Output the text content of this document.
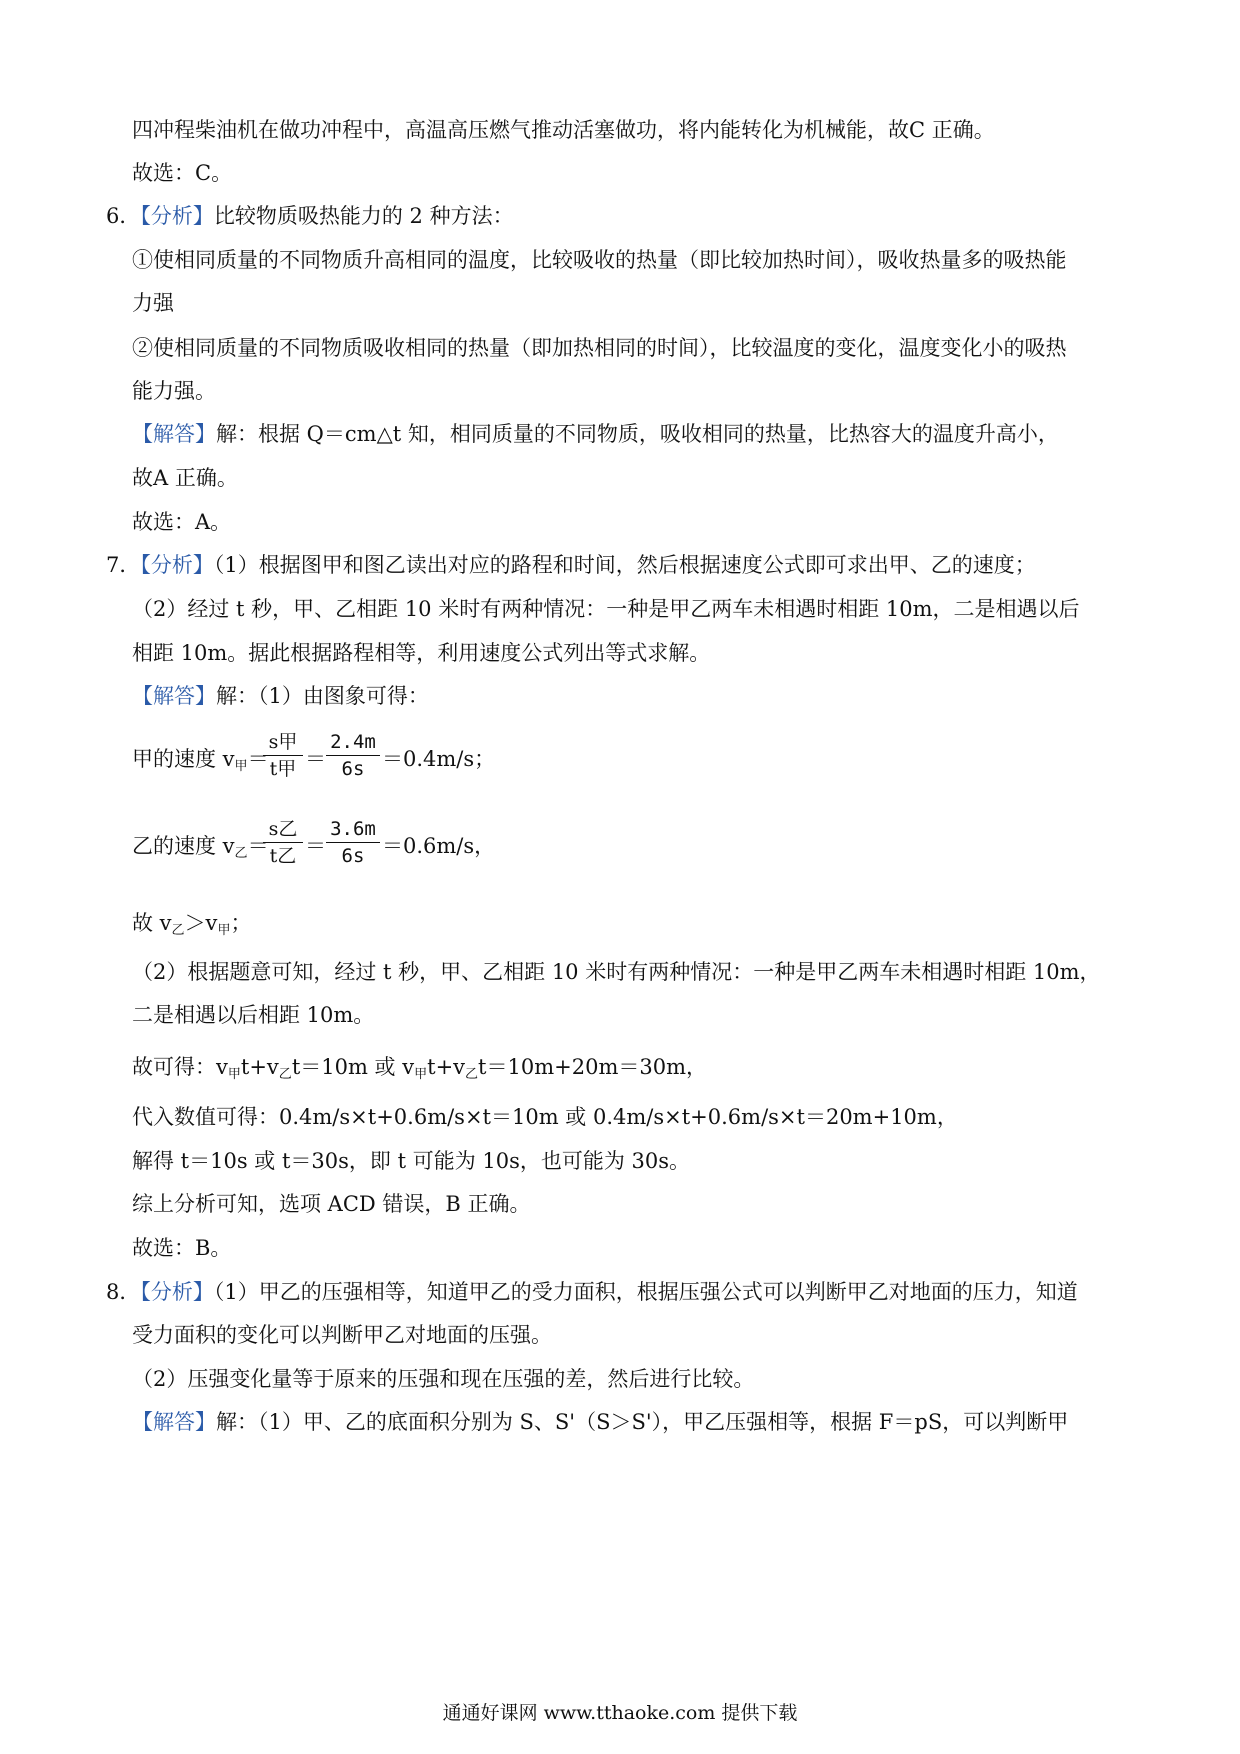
四冲程柴油机在做功冲程中，高温高压燃气推动活塞做功，将内能转化为机械能，故C 正确。
故选：C。
6．【分析】比较物质吸热能力的 2 种方法：
①使相同质量的不同物质升高相同的温度，比较吸收的热量（即比较加热时间），吸收热量多的吸热能
力强
②使相同质量的不同物质吸收相同的热量（即加热相同的时间），比较温度的变化，温度变化小的吸热
能力强。
【解答】解：根据 Q＝cm△t 知，相同质量的不同物质，吸收相同的热量，比热容大的温度升高小，
故A 正确。
故选：A。
7．【分析】（1）根据图甲和图乙读出对应的路程和时间，然后根据速度公式即可求出甲、乙的速度；
（2）经过 t 秒，甲、乙相距 10 米时有两种情况：一种是甲乙两车未相遇时相距 10m，二是相遇以后
相距 10m。据此根据路程相等，利用速度公式列出等式求解。
【解答】解：（1）由图象可得：
甲的速度 $v_甲=$
s甲
t甲 ＝
2.4m
6s ＝0.4m/s；
乙的速度 $v_乙=$
s乙
t乙 ＝
3.6m
6s ＝0.6m/s，
故 $v_乙>v_甲$；
（2）根据题意可知，经过 t 秒，甲、乙相距 10 米时有两种情况：一种是甲乙两车未相遇时相距 10m，
二是相遇以后相距 10m。
故可得：$v_甲t+v_乙t=10m$ 或 $v_甲t+v_乙t=10m+20m=30m$，
代入数值可得：0.4m/s×t+0.6m/s×t＝10m 或 0.4m/s×t+0.6m/s×t＝20m+10m，
解得 t＝10s 或 t＝30s，即 t 可能为 10s，也可能为 30s。
综上分析可知，选项 ACD 错误，B 正确。
故选：B。
8．【分析】（1）甲乙的压强相等，知道甲乙的受力面积，根据压强公式可以判断甲乙对地面的压力，知道
受力面积的变化可以判断甲乙对地面的压强。
（2）压强变化量等于原来的压强和现在压强的差，然后进行比较。
【解答】解：（1）甲、乙的底面积分别为 S、S'（S＞S'），甲乙压强相等，根据 F＝pS，可以判断甲
通通好课网 www.tthaoke.com 提供下载
